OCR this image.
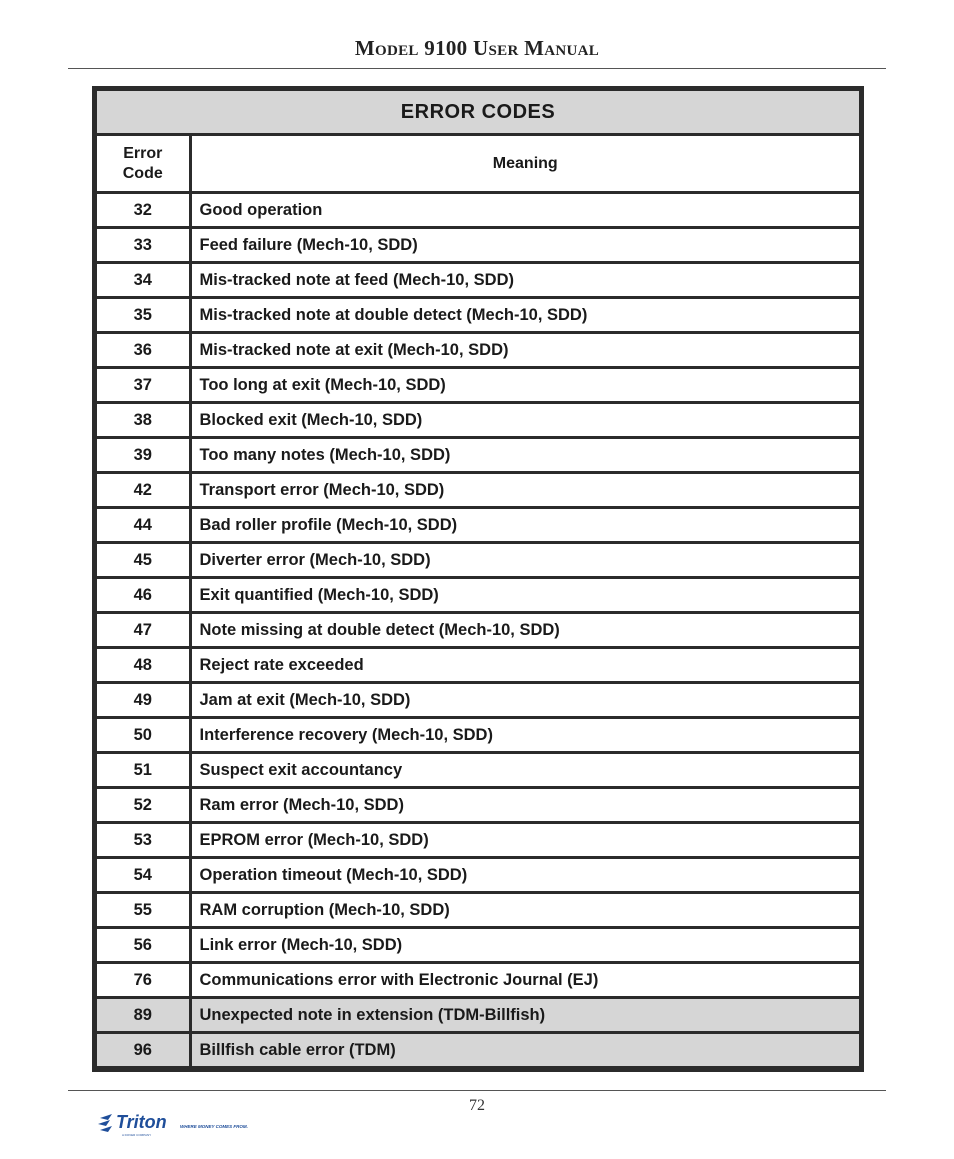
Model 9100 User Manual
ERROR CODES	
Error
Code	Meaning
32	Good operation
33	Feed failure (Mech-10, SDD)
34	Mis-tracked note at feed (Mech-10, SDD)
35	Mis-tracked note at double detect (Mech-10, SDD)
36	Mis-tracked note at exit (Mech-10, SDD)
37	Too long at exit (Mech-10, SDD)
38	Blocked exit (Mech-10, SDD)
39	Too many notes (Mech-10, SDD)
42	Transport error (Mech-10, SDD)
44	Bad roller profile (Mech-10, SDD)
45	Diverter error (Mech-10, SDD)
46	Exit quantified (Mech-10, SDD)
47	Note missing at double detect (Mech-10, SDD)
48	Reject rate exceeded
49	Jam at exit (Mech-10, SDD)
50	Interference recovery (Mech-10, SDD)
51	Suspect exit accountancy
52	Ram error (Mech-10, SDD)
53	EPROM error (Mech-10, SDD)
54	Operation timeout (Mech-10, SDD)
55	RAM corruption (Mech-10, SDD)
56	Link error (Mech-10, SDD)
76	Communications error with Electronic Journal (EJ)
89	Unexpected note in extension (TDM-Billfish)
96	Billfish cable error (TDM)
72
Triton	WHERE MONEY COMES FROM.
A DOVER COMPANY
